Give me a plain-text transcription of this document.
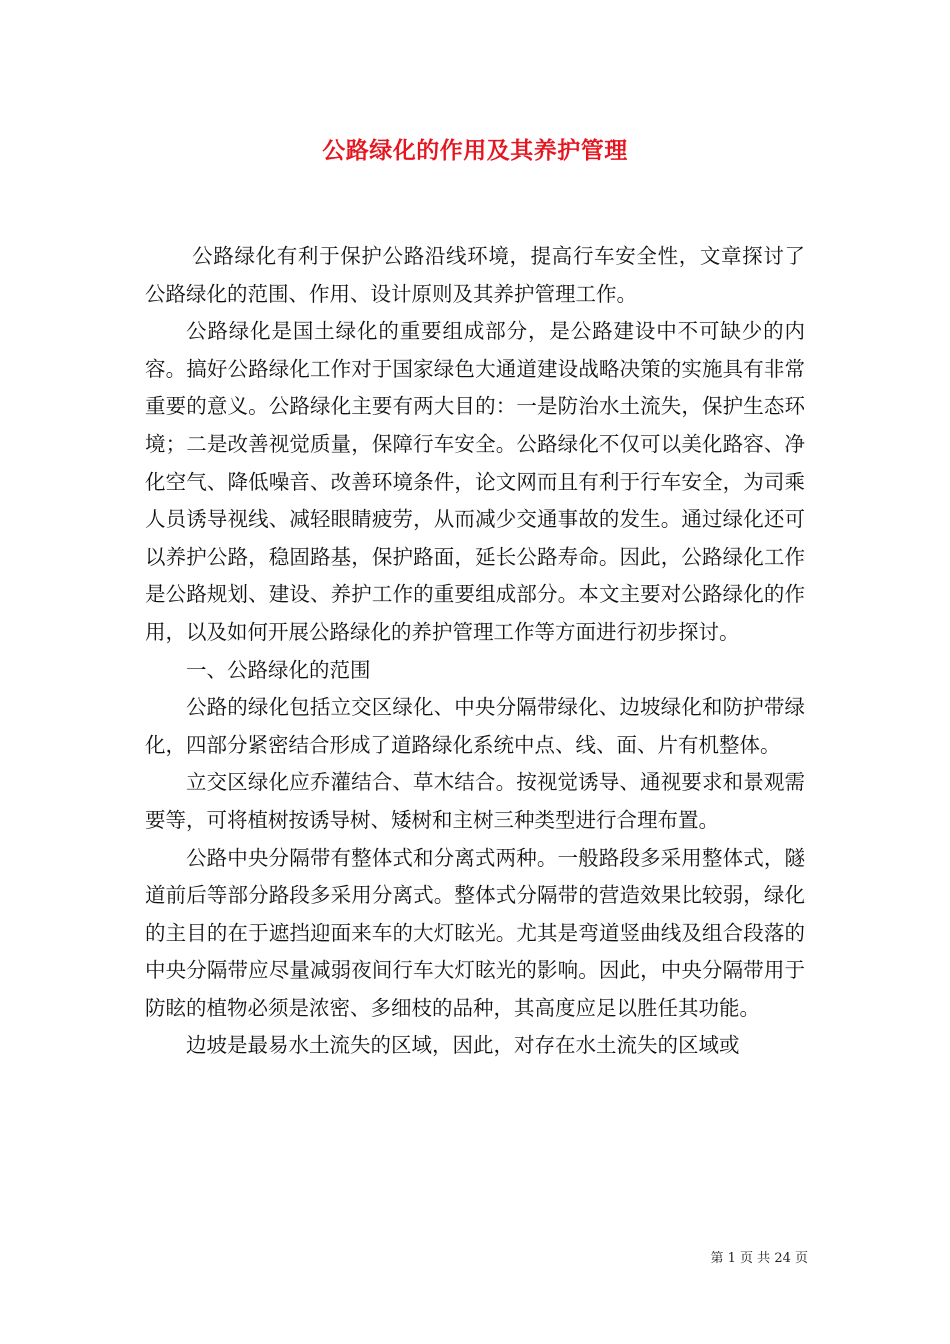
公路绿化的作用及其养护管理

公路绿化有利于保护公路沿线环境，提高行车安全性，文章探讨了公路绿化的范围、作用、设计原则及其养护管理工作。

公路绿化是国土绿化的重要组成部分，是公路建设中不可缺少的内容。搞好公路绿化工作对于国家绿色大通道建设战略决策的实施具有非常重要的意义。公路绿化主要有两大目的：一是防治水土流失，保护生态环境；二是改善视觉质量，保障行车安全。公路绿化不仅可以美化路容、净化空气、降低噪音、改善环境条件，论文网而且有利于行车安全，为司乘人员诱导视线、减轻眼睛疲劳，从而减少交通事故的发生。通过绿化还可以养护公路，稳固路基，保护路面，延长公路寿命。因此，公路绿化工作是公路规划、建设、养护工作的重要组成部分。本文主要对公路绿化的作用，以及如何开展公路绿化的养护管理工作等方面进行初步探讨。

一、公路绿化的范围

公路的绿化包括立交区绿化、中央分隔带绿化、边坡绿化和防护带绿化，四部分紧密结合形成了道路绿化系统中点、线、面、片有机整体。

立交区绿化应乔灌结合、草木结合。按视觉诱导、通视要求和景观需要等，可将植树按诱导树、矮树和主树三种类型进行合理布置。

公路中央分隔带有整体式和分离式两种。一般路段多采用整体式，隧道前后等部分路段多采用分离式。整体式分隔带的营造效果比较弱，绿化的主目的在于遮挡迎面来车的大灯眩光。尤其是弯道竖曲线及组合段落的中央分隔带应尽量减弱夜间行车大灯眩光的影响。因此，中央分隔带用于防眩的植物必须是浓密、多细枝的品种，其高度应足以胜任其功能。

边坡是最易水土流失的区域，因此，对存在水土流失的区域或

第 1 页 共 24 页
